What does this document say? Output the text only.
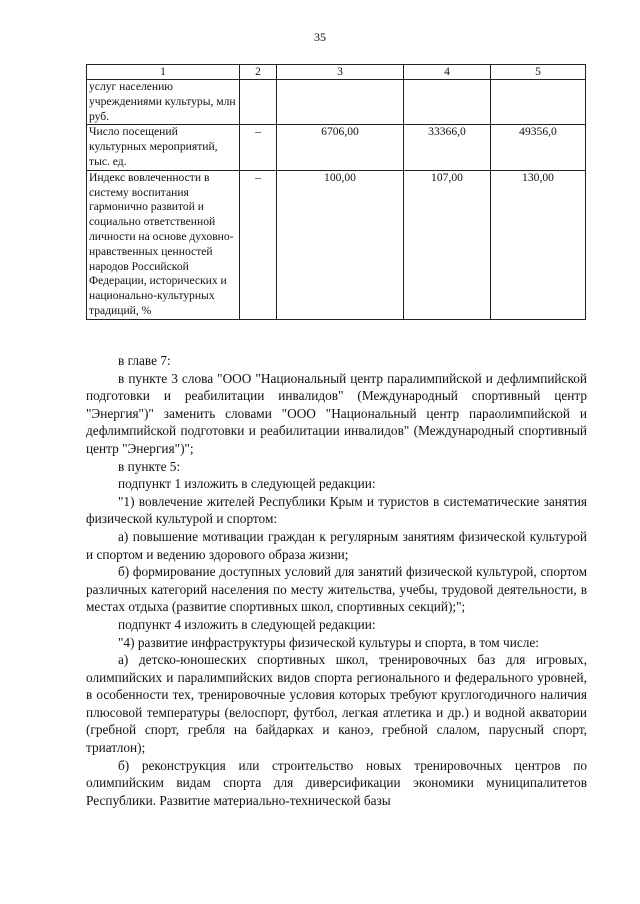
35
1	2	3	4	5
услуг населению учреждениями культуры, млн руб.				
Число посещений культурных мероприятий, тыс. ед.	–	6706,00	33366,0	49356,0
Индекс вовлеченности в систему воспитания гармонично развитой и социально ответственной личности на основе духовно-нравственных ценностей народов Российской Федерации, исторических и национально-культурных традиций, %	–	100,00	107,00	130,00

в главе 7:

в пункте 3 слова "ООО "Национальный центр паралимпийской и дефлимпийской подготовки и реабилитации инвалидов" (Международный спортивный центр "Энергия")" заменить словами "ООО "Национальный центр параолимпийской и дефлимпийской подготовки и реабилитации инвалидов" (Международный спортивный центр "Энергия")";

в пункте 5:

подпункт 1 изложить в следующей редакции:

"1) вовлечение жителей Республики Крым и туристов в систематические занятия физической культурой и спортом:

а) повышение мотивации граждан к регулярным занятиям физической культурой и спортом и ведению здорового образа жизни;

б) формирование доступных условий для занятий физической культурой, спортом различных категорий населения по месту жительства, учебы, трудовой деятельности, в местах отдыха (развитие спортивных школ, спортивных секций);";

подпункт 4 изложить в следующей редакции:

"4) развитие инфраструктуры физической культуры и спорта, в том числе:

а) детско-юношеских спортивных школ, тренировочных баз для игровых, олимпийских и паралимпийских видов спорта регионального и федерального уровней, в особенности тех, тренировочные условия которых требуют круглогодичного наличия плюсовой температуры (велоспорт, футбол, легкая атлетика и др.) и водной акватории (гребной спорт, гребля на байдарках и каноэ, гребной слалом, парусный спорт, триатлон);

б) реконструкция или строительство новых тренировочных центров по олимпийским видам спорта для диверсификации экономики муниципалитетов Республики. Развитие материально-технической базы
